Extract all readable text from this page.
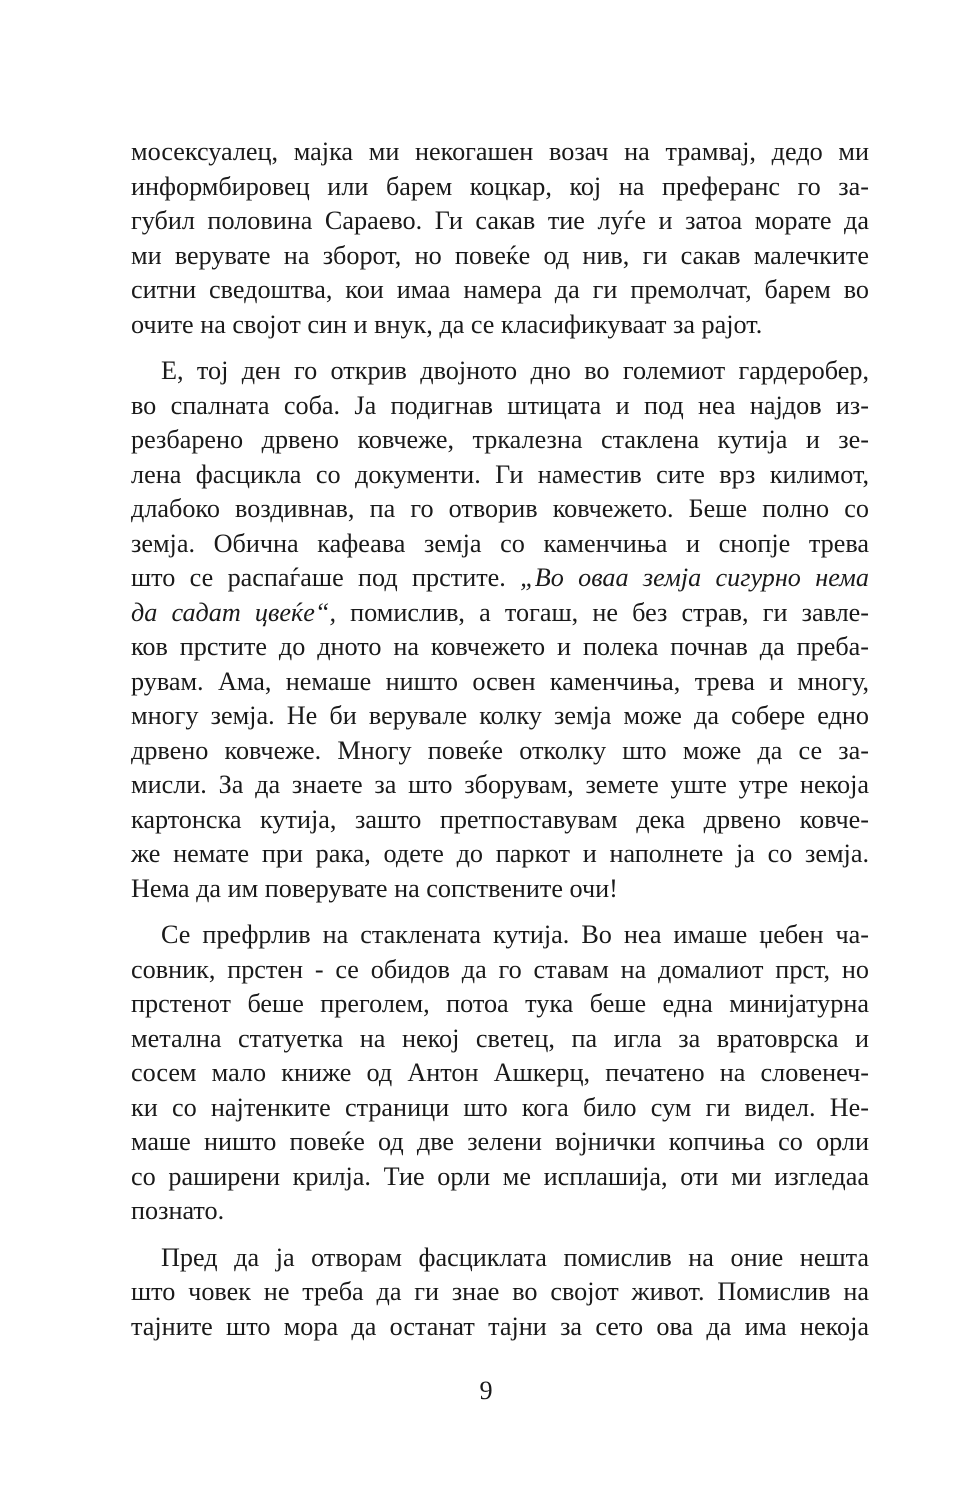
мосексуалец, мајка ми некогашен возач на трамвај, дедо ми
информбировец или барем коцкар, кој на преферанс го за-
губил половина Сараево. Ги сакав тие луѓе и затоа морате да
ми верувате на зборот, но повеќе од нив, ги сакав малечките
ситни сведоштва, кои имаа намера да ги премолчат, барем во
очите на својот син и внук, да се класификуваат за рајот.

Е, тој ден го открив двојното дно во големиот гардеробер,
во спалната соба. Ја подигнав штицата и под неа најдов из-
резбарено дрвено ковчеже, тркалезна стаклена кутија и зе-
лена фасцикла со документи. Ги наместив сите врз килимот,
длабоко воздивнав, па го отворив ковчежето. Беше полно со
земја. Обична кафеава земја со каменчиња и снопје трева
што се распаѓаше под прстите. „Во оваа земја сигурно нема
да садат цвеќе“, помислив, а тогаш, не без страв, ги завле-
ков прстите до дното на ковчежето и полека почнав да преба-
рувам. Ама, немаше ништо освен каменчиња, трева и многу,
многу земја. Не би верувале колку земја може да собере едно
дрвено ковчеже. Многу повеќе отколку што може да се за-
мисли. За да знаете за што зборувам, земете уште утре некоја
картонска кутија, зашто претпоставувам дека дрвено ковче-
же немате при рака, одете до паркот и наполнете ја со земја.
Нема да им поверувате на сопствените очи!

Се префрлив на стаклената кутија. Во неа имаше џебен ча-
совник, прстен - се обидов да го ставам на домалиот прст, но
прстенот беше преголем, потоа тука беше една минијатурна
метална статуетка на некој светец, па игла за вратоврска и
сосем мало книже од Антон Ашкерц, печатено на словенеч-
ки со најтенките страници што кога било сум ги видел. Не-
маше ништо повеќе од две зелени војнички копчиња со орли
со раширени крилја. Тие орли ме исплашија, оти ми изгледаа
познато.

Пред да ја отворам фасциклата помислив на оние нешта
што човек не треба да ги знае во својот живот. Помислив на
тајните што мора да останат тајни за сето ова да има некоја

9
